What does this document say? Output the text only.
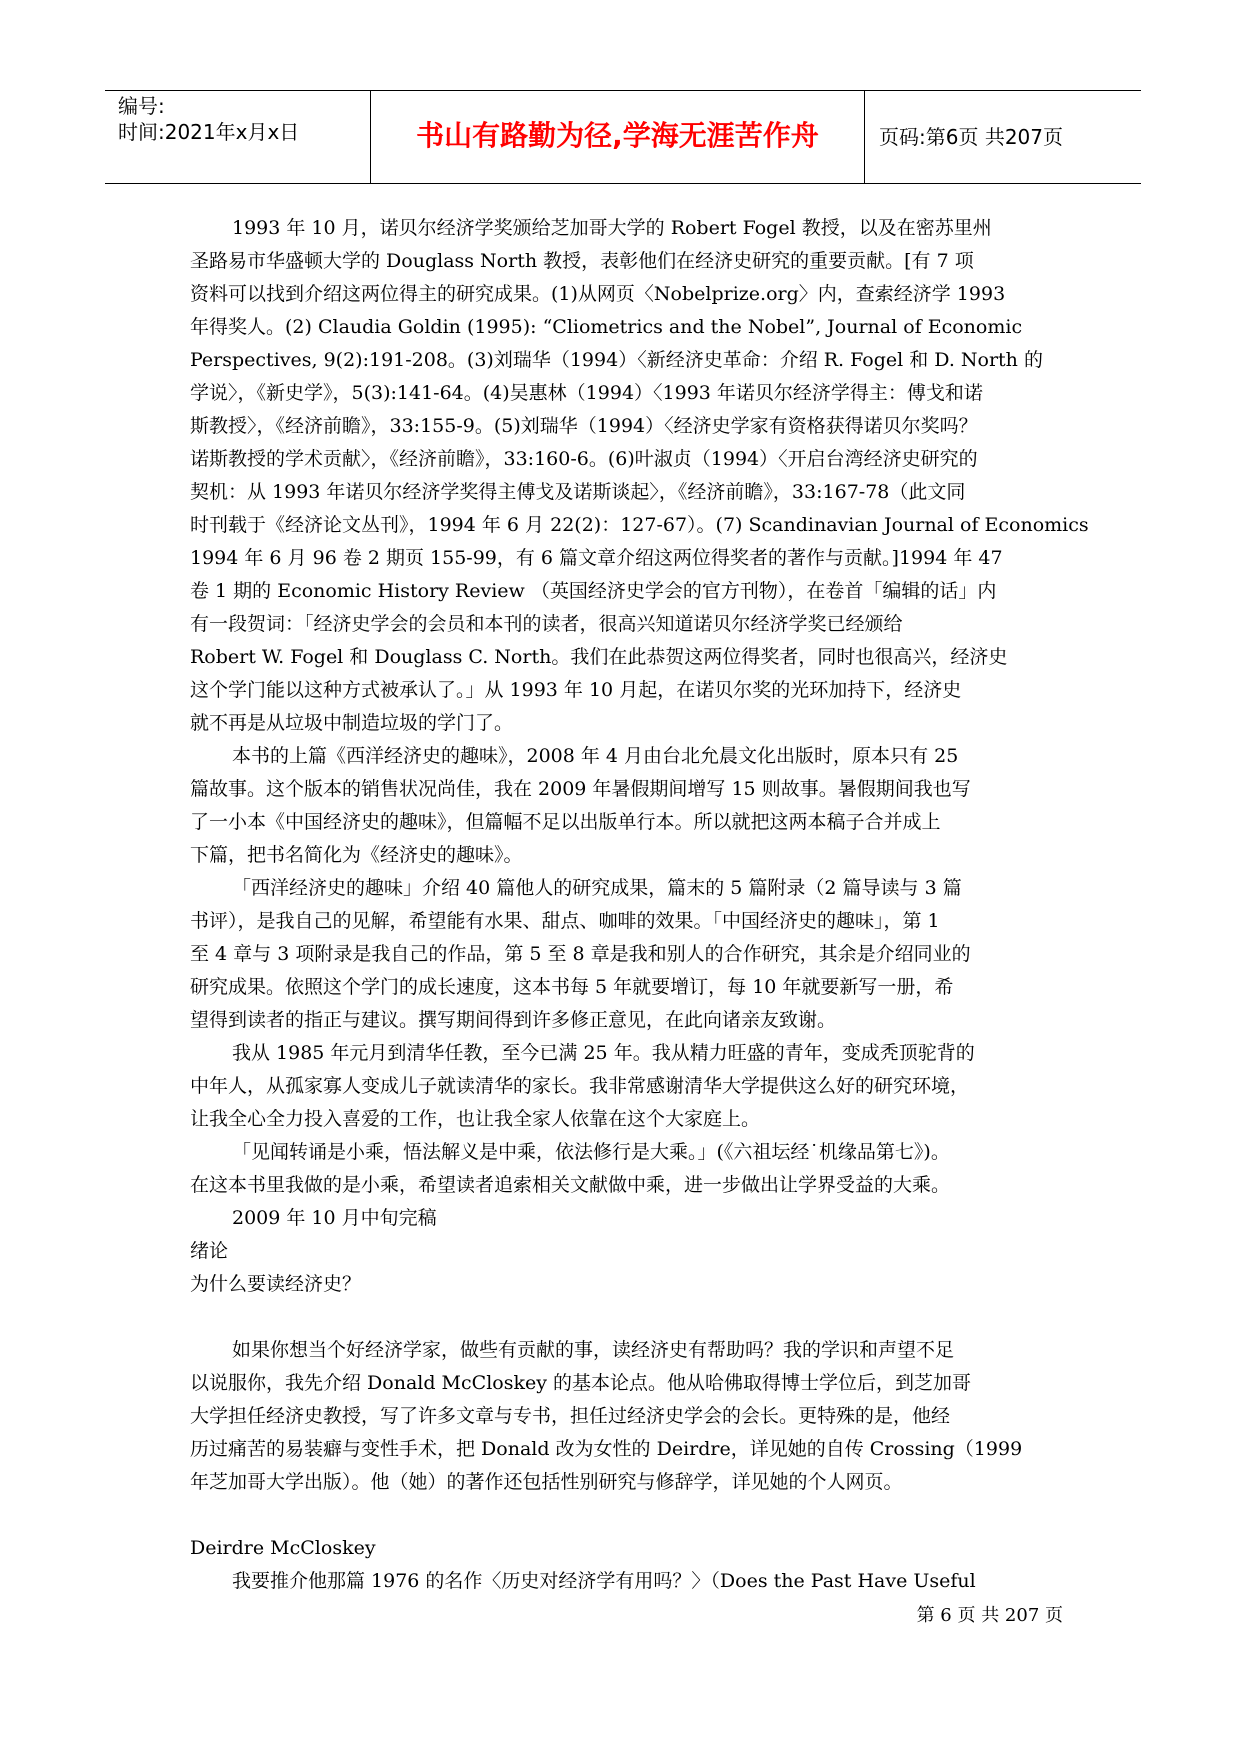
编号:
时间:2021年x月x日	书山有路勤为径,学海无涯苦作舟	页码:第6页 共207页
1993 年 10 月，诺贝尔经济学奖颁给芝加哥大学的 Robert Fogel 教授，以及在密苏里州
圣路易市华盛顿大学的 Douglass North 教授，表彰他们在经济史研究的重要贡献。[有 7 项
资料可以找到介绍这两位得主的研究成果。(1)从网页〈Nobelprize.org〉内，查索经济学 1993
年得奖人。(2) Claudia Goldin (1995): “Cliometrics and the Nobel”, Journal of Economic
Perspectives, 9(2):191-208。(3)刘瑞华（1994）〈新经济史革命：介绍 R. Fogel 和 D. North 的
学说〉，《新史学》，5(3):141-64。(4)吴惠林（1994）〈1993 年诺贝尔经济学得主：傅戈和诺
斯教授〉，《经济前瞻》，33:155-9。(5)刘瑞华（1994）〈经济史学家有资格获得诺贝尔奖吗？
诺斯教授的学术贡献〉，《经济前瞻》，33:160-6。(6)叶淑贞（1994）〈开启台湾经济史研究的
契机：从 1993 年诺贝尔经济学奖得主傅戈及诺斯谈起〉，《经济前瞻》，33:167-78（此文同
时刊载于《经济论文丛刊》，1994 年 6 月 22(2)：127-67）。(7) Scandinavian Journal of Economics
1994 年 6 月 96 卷 2 期页 155-99，有 6 篇文章介绍这两位得奖者的著作与贡献。]1994 年 47
卷 1 期的 Economic History Review （英国经济史学会的官方刊物），在卷首「编辑的话」内
有一段贺词：「经济史学会的会员和本刊的读者，很高兴知道诺贝尔经济学奖已经颁给
Robert W. Fogel 和 Douglass C. North。我们在此恭贺这两位得奖者，同时也很高兴，经济史
这个学门能以这种方式被承认了。」从 1993 年 10 月起，在诺贝尔奖的光环加持下，经济史
就不再是从垃圾中制造垃圾的学门了。
本书的上篇《西洋经济史的趣味》，2008 年 4 月由台北允晨文化出版时，原本只有 25
篇故事。这个版本的销售状况尚佳，我在 2009 年暑假期间增写 15 则故事。暑假期间我也写
了一小本《中国经济史的趣味》，但篇幅不足以出版单行本。所以就把这两本稿子合并成上
下篇，把书名简化为《经济史的趣味》。
「西洋经济史的趣味」介绍 40 篇他人的研究成果，篇末的 5 篇附录（2 篇导读与 3 篇
书评），是我自己的见解，希望能有水果、甜点、咖啡的效果。「中国经济史的趣味」，第 1
至 4 章与 3 项附录是我自己的作品，第 5 至 8 章是我和别人的合作研究，其余是介绍同业的
研究成果。依照这个学门的成长速度，这本书每 5 年就要增订，每 10 年就要新写一册，希
望得到读者的指正与建议。撰写期间得到许多修正意见，在此向诸亲友致谢。
我从 1985 年元月到清华任教，至今已满 25 年。我从精力旺盛的青年，变成秃顶驼背的
中年人，从孤家寡人变成儿子就读清华的家长。我非常感谢清华大学提供这么好的研究环境，
让我全心全力投入喜爱的工作，也让我全家人依靠在这个大家庭上。
「见闻转诵是小乘，悟法解义是中乘，依法修行是大乘。」(《六祖坛经˙机缘品第七》)。
在这本书里我做的是小乘，希望读者追索相关文献做中乘，进一步做出让学界受益的大乘。
2009 年 10 月中旬完稿
绪论
为什么要读经济史？
如果你想当个好经济学家，做些有贡献的事，读经济史有帮助吗？我的学识和声望不足
以说服你，我先介绍 Donald McCloskey 的基本论点。他从哈佛取得博士学位后，到芝加哥
大学担任经济史教授，写了许多文章与专书，担任过经济史学会的会长。更特殊的是，他经
历过痛苦的易装癖与变性手术，把 Donald 改为女性的 Deirdre，详见她的自传 Crossing（1999
年芝加哥大学出版）。他（她）的著作还包括性别研究与修辞学，详见她的个人网页。
Deirdre McCloskey
我要推介他那篇 1976 的名作〈历史对经济学有用吗？〉（Does the Past Have Useful
第 6 页 共 207 页
